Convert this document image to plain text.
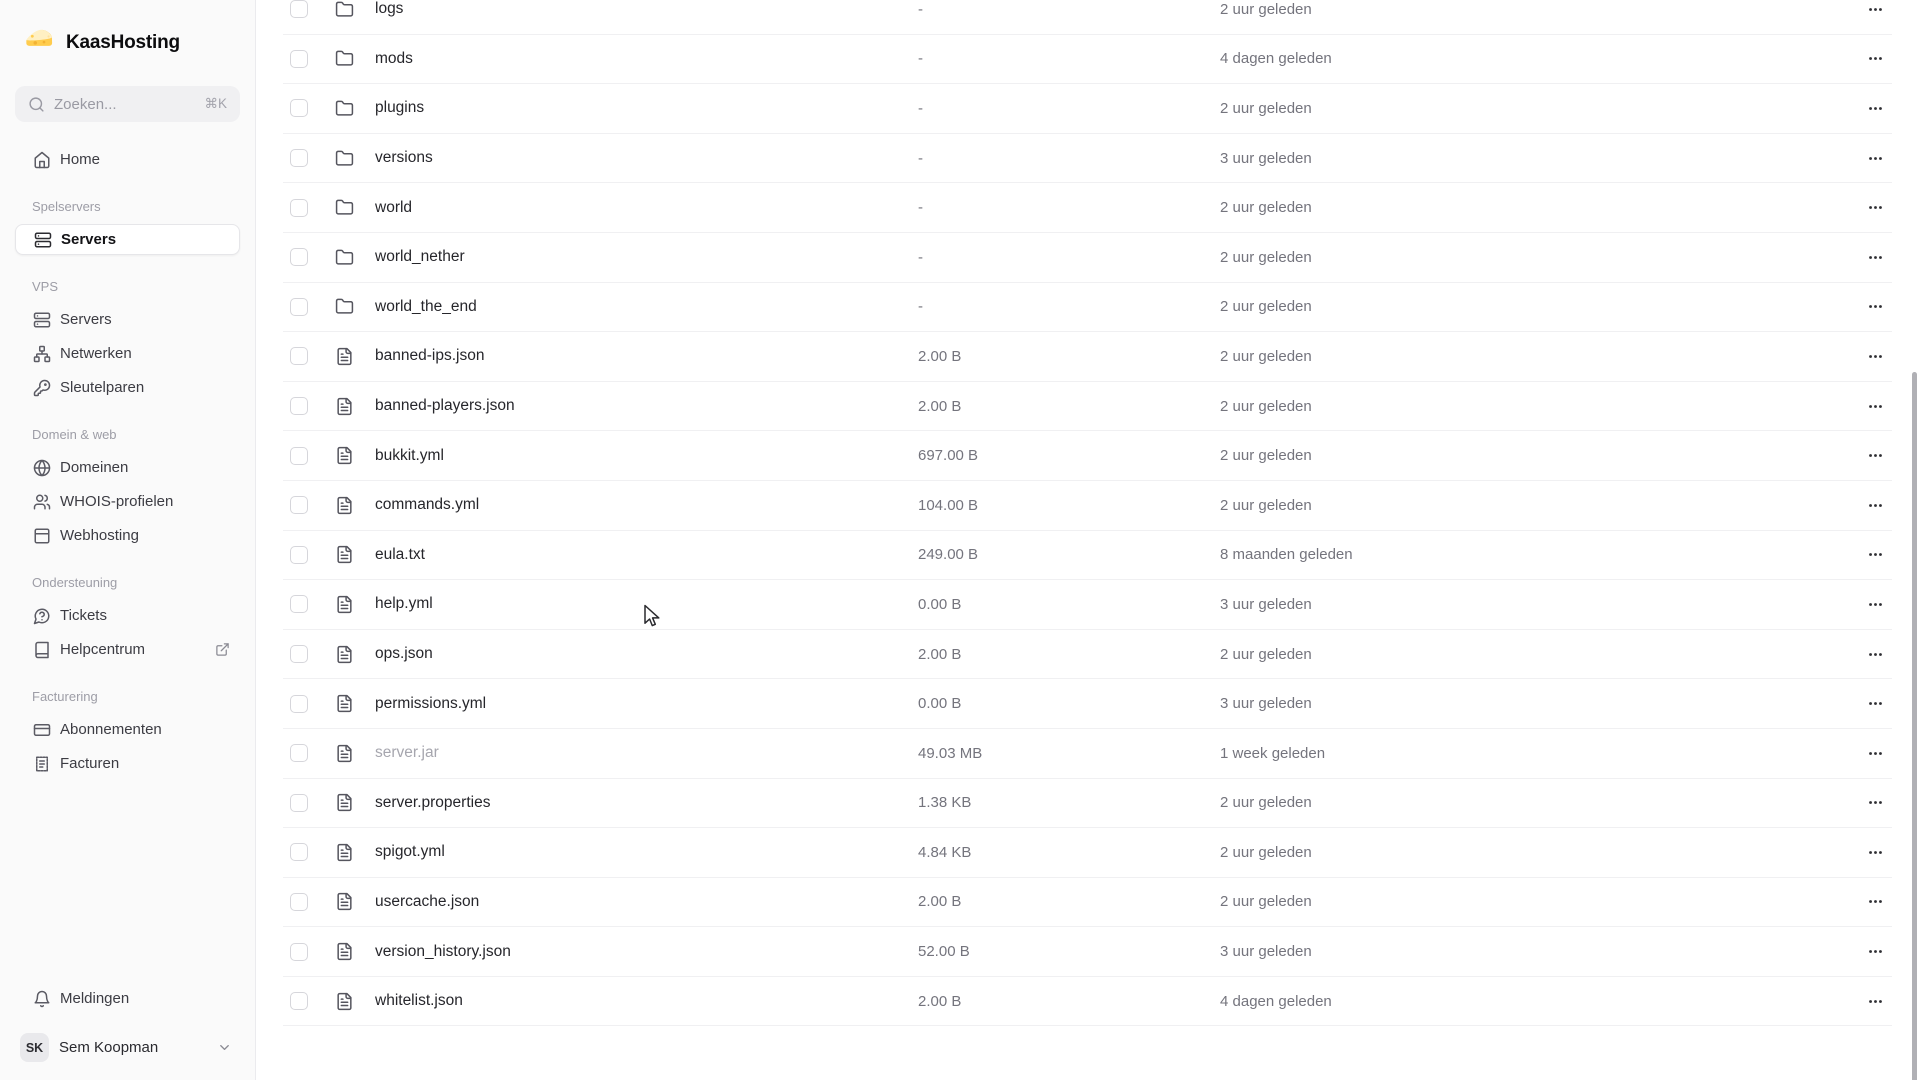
KaasHosting
Zoeken...	⌘K
Home
Spelservers
Servers
VPS
Servers
Netwerken
Sleutelparen
Domein & web
Domeinen
WHOIS-profielen
Webhosting
Ondersteuning
Tickets
Helpcentrum
Facturering
Abonnementen
Facturen
Meldingen
SK	Sem Koopman
logs	-	2 uur geleden
mods	-	4 dagen geleden
plugins	-	2 uur geleden
versions	-	3 uur geleden
world	-	2 uur geleden
world_nether	-	2 uur geleden
world_the_end	-	2 uur geleden
banned-ips.json	2.00 B	2 uur geleden
banned-players.json	2.00 B	2 uur geleden
bukkit.yml	697.00 B	2 uur geleden
commands.yml	104.00 B	2 uur geleden
eula.txt	249.00 B	8 maanden geleden
help.yml	0.00 B	3 uur geleden
ops.json	2.00 B	2 uur geleden
permissions.yml	0.00 B	3 uur geleden
server.jar	49.03 MB	1 week geleden
server.properties	1.38 KB	2 uur geleden
spigot.yml	4.84 KB	2 uur geleden
usercache.json	2.00 B	2 uur geleden
version_history.json	52.00 B	3 uur geleden
whitelist.json	2.00 B	4 dagen geleden
